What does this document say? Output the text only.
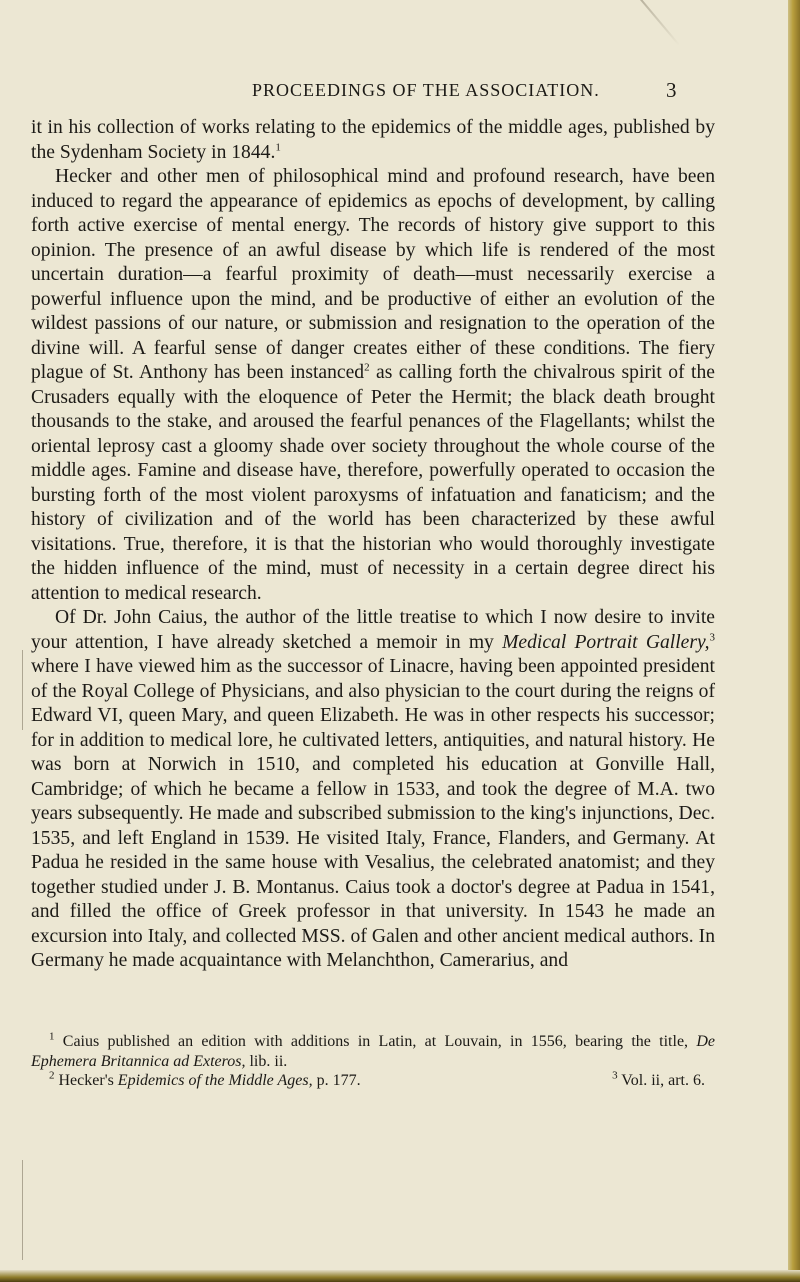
PROCEEDINGS OF THE ASSOCIATION.	3

it in his collection of works relating to the epidemics of the middle ages, published by the Sydenham Society in 1844.$^1$

Hecker and other men of philosophical mind and profound research, have been induced to regard the appearance of epidemics as epochs of development, by calling forth active exercise of mental energy. The records of history give support to this opinion. The presence of an awful disease by which life is rendered of the most uncertain duration—a fearful proximity of death—must necessarily exercise a powerful influence upon the mind, and be productive of either an evolution of the wildest passions of our nature, or submission and resignation to the operation of the divine will. A fearful sense of danger creates either of these conditions. The fiery plague of St. Anthony has been instanced$^2$ as calling forth the chivalrous spirit of the Crusaders equally with the eloquence of Peter the Hermit; the black death brought thousands to the stake, and aroused the fearful penances of the Flagellants; whilst the oriental leprosy cast a gloomy shade over society throughout the whole course of the middle ages. Famine and disease have, therefore, powerfully operated to occasion the bursting forth of the most violent paroxysms of infatuation and fanaticism; and the history of civilization and of the world has been characterized by these awful visitations. True, therefore, it is that the historian who would thoroughly investigate the hidden influence of the mind, must of necessity in a certain degree direct his attention to medical research.

Of Dr. John Caius, the author of the little treatise to which I now desire to invite your attention, I have already sketched a memoir in my Medical Portrait Gallery,$^3$ where I have viewed him as the successor of Linacre, having been appointed president of the Royal College of Physicians, and also physician to the court during the reigns of Edward VI, queen Mary, and queen Elizabeth. He was in other respects his successor; for in addition to medical lore, he cultivated letters, antiquities, and natural history. He was born at Norwich in 1510, and completed his education at Gonville Hall, Cambridge; of which he became a fellow in 1533, and took the degree of M.A. two years subsequently. He made and subscribed submission to the king's injunctions, Dec. 1535, and left England in 1539. He visited Italy, France, Flanders, and Germany. At Padua he resided in the same house with Vesalius, the celebrated anatomist; and they together studied under J. B. Montanus. Caius took a doctor's degree at Padua in 1541, and filled the office of Greek professor in that university. In 1543 he made an excursion into Italy, and collected MSS. of Galen and other ancient medical authors. In Germany he made acquaintance with Melanchthon, Camerarius, and

$^1$ Caius published an edition with additions in Latin, at Louvain, in 1556, bearing the title, De Ephemera Britannica ad Exteros, lib. ii.

$^2$ Hecker's Epidemics of the Middle Ages, p. 177.	$^3$ Vol. ii, art. 6.
